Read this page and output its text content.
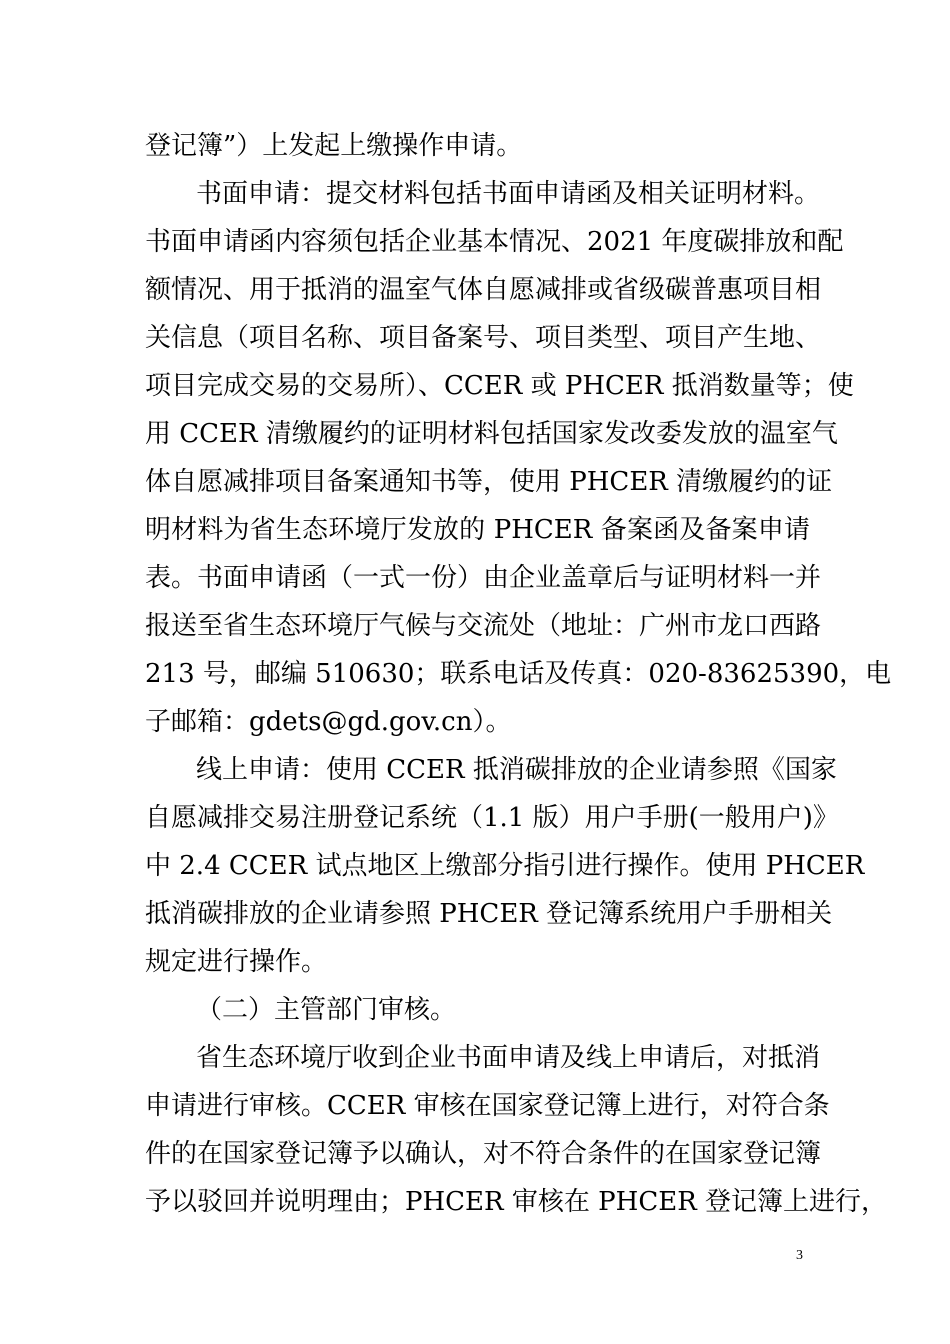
登记簿”）上发起上缴操作申请。
书面申请：提交材料包括书面申请函及相关证明材料。
书面申请函内容须包括企业基本情况、2021 年度碳排放和配
额情况、用于抵消的温室气体自愿减排或省级碳普惠项目相
关信息（项目名称、项目备案号、项目类型、项目产生地、
项目完成交易的交易所）、CCER 或 PHCER 抵消数量等；使
用 CCER 清缴履约的证明材料包括国家发改委发放的温室气
体自愿减排项目备案通知书等，使用 PHCER 清缴履约的证
明材料为省生态环境厅发放的 PHCER 备案函及备案申请
表。书面申请函（一式一份）由企业盖章后与证明材料一并
报送至省生态环境厅气候与交流处（地址：广州市龙口西路
213 号，邮编 510630；联系电话及传真：020-83625390，电
子邮箱：gdets@gd.gov.cn）。
线上申请：使用 CCER 抵消碳排放的企业请参照《国家
自愿减排交易注册登记系统（1.1 版）用户手册(一般用户)》
中 2.4 CCER 试点地区上缴部分指引进行操作。使用 PHCER
抵消碳排放的企业请参照 PHCER 登记簿系统用户手册相关
规定进行操作。
（二）主管部门审核。
省生态环境厅收到企业书面申请及线上申请后，对抵消
申请进行审核。CCER 审核在国家登记簿上进行，对符合条
件的在国家登记簿予以确认，对不符合条件的在国家登记簿
予以驳回并说明理由；PHCER 审核在 PHCER 登记簿上进行，
3
